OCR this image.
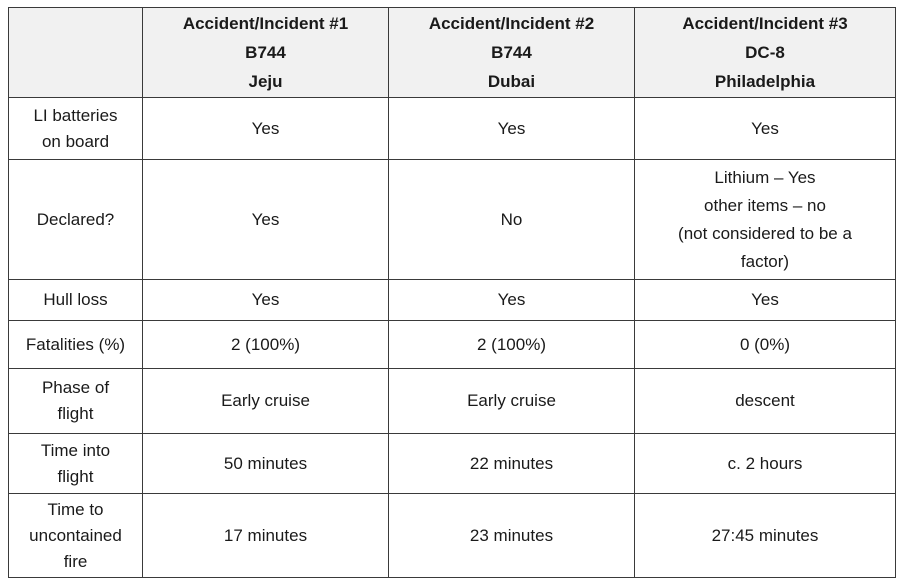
	Accident/Incident #1
B744
Jeju	Accident/Incident #2
B744
Dubai	Accident/Incident #3
DC-8
Philadelphia

LI batteries
on board	Yes	Yes	Yes
Declared?	Yes	No	Lithium – Yes
other items – no
(not considered to be a
factor)

Hull loss	Yes	Yes	Yes
Fatalities (%)	2 (100%)	2 (100%)	0 (0%)

Phase of
flight	Early cruise	Early cruise	descent

Time into
flight	50 minutes	22 minutes	c. 2 hours

Time to
uncontained
fire	17 minutes	23 minutes	27:45 minutes
